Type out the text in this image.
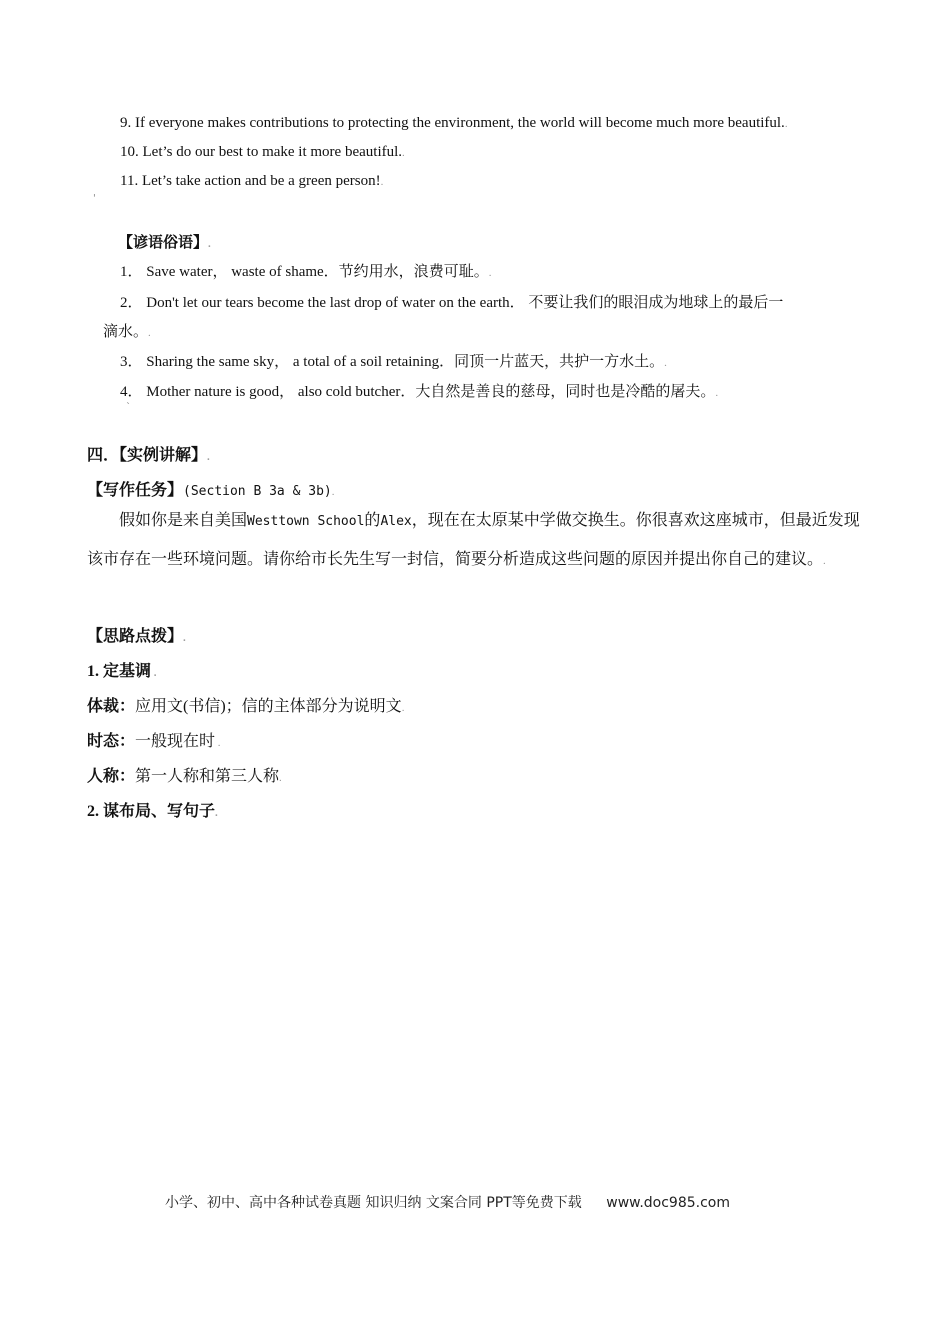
9. If everyone makes contributions to protecting the environment, the world will become much more beautiful..
10. Let’s do our best to make it more beautiful..
11. Let’s take action and be a green person!.
'
【谚语俗语】.
1． Save water， waste of shame．节约用水，浪费可耻。.
2． Don't let our tears become the last drop of water on the earth． 不要让我们的眼泪成为地球上的最后一
滴水。.
3． Sharing the same sky， a total of a soil retaining．同顶一片蓝天，共护一方水土。.
4． Mother nature is good， also cold butcher．大自然是善良的慈母，同时也是冷酷的屠夫。.
`
四．【实例讲解】.
【写作任务】(Section B 3a & 3b).
假如你是来自美国Westtown School的Alex，现在在太原某中学做交换生。你很喜欢这座城市，但最近发现该市存在一些环境问题。请你给市长先生写一封信，简要分析造成这些问题的原因并提出你自己的建议。.
【思路点拨】.
1. 定基调 .
体裁：应用文(书信)；信的主体部分为说明文.
时态：一般现在时 .
人称：第一人称和第三人称.
2. 谋布局、写句子.
小学、初中、高中各种试卷真题 知识归纳 文案合同 PPT等免费下载 www.doc985.com
